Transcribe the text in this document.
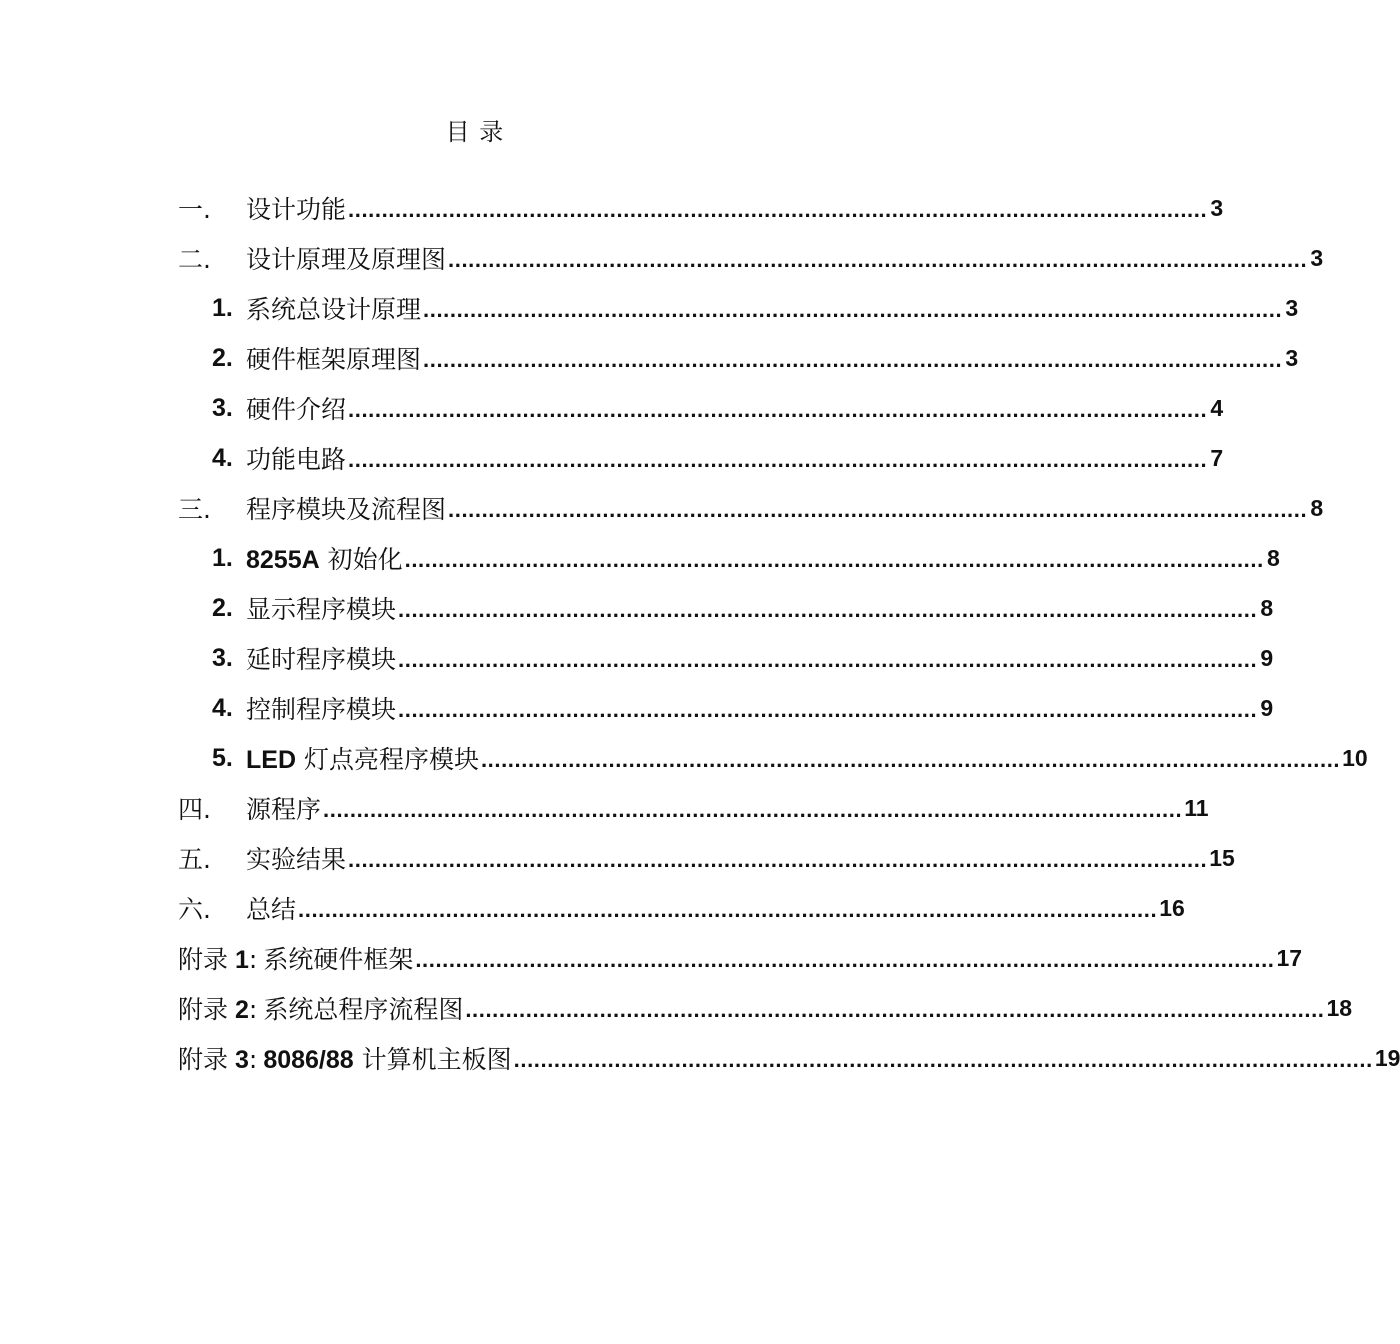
目 录
一.	设计功能 ................................................................................................................................ 3
二.	设计原理及原理图 ................................................................................................................................ 3
1. 系统总设计原理 ................................................................................................................................ 3
2. 硬件框架原理图 ................................................................................................................................ 3
3. 硬件介绍 ................................................................................................................................ 4
4. 功能电路 ................................................................................................................................ 7
三.	程序模块及流程图 ................................................................................................................................ 8
1. 8255A 初始化 ................................................................................................................................ 8
2. 显示程序模块 ................................................................................................................................ 8
3. 延时程序模块 ................................................................................................................................ 9
4. 控制程序模块 ................................................................................................................................ 9
5. LED 灯点亮程序模块 ................................................................................................................................ 10
四.	源程序 ................................................................................................................................ 11
五.	实验结果 ................................................................................................................................ 15
六.	总结 ................................................................................................................................ 16
附录 1: 系统硬件框架 ................................................................................................................................ 17
附录 2: 系统总程序流程图 ................................................................................................................................ 18
附录 3: 8086/88 计算机主板图 ................................................................................................................................ 19
